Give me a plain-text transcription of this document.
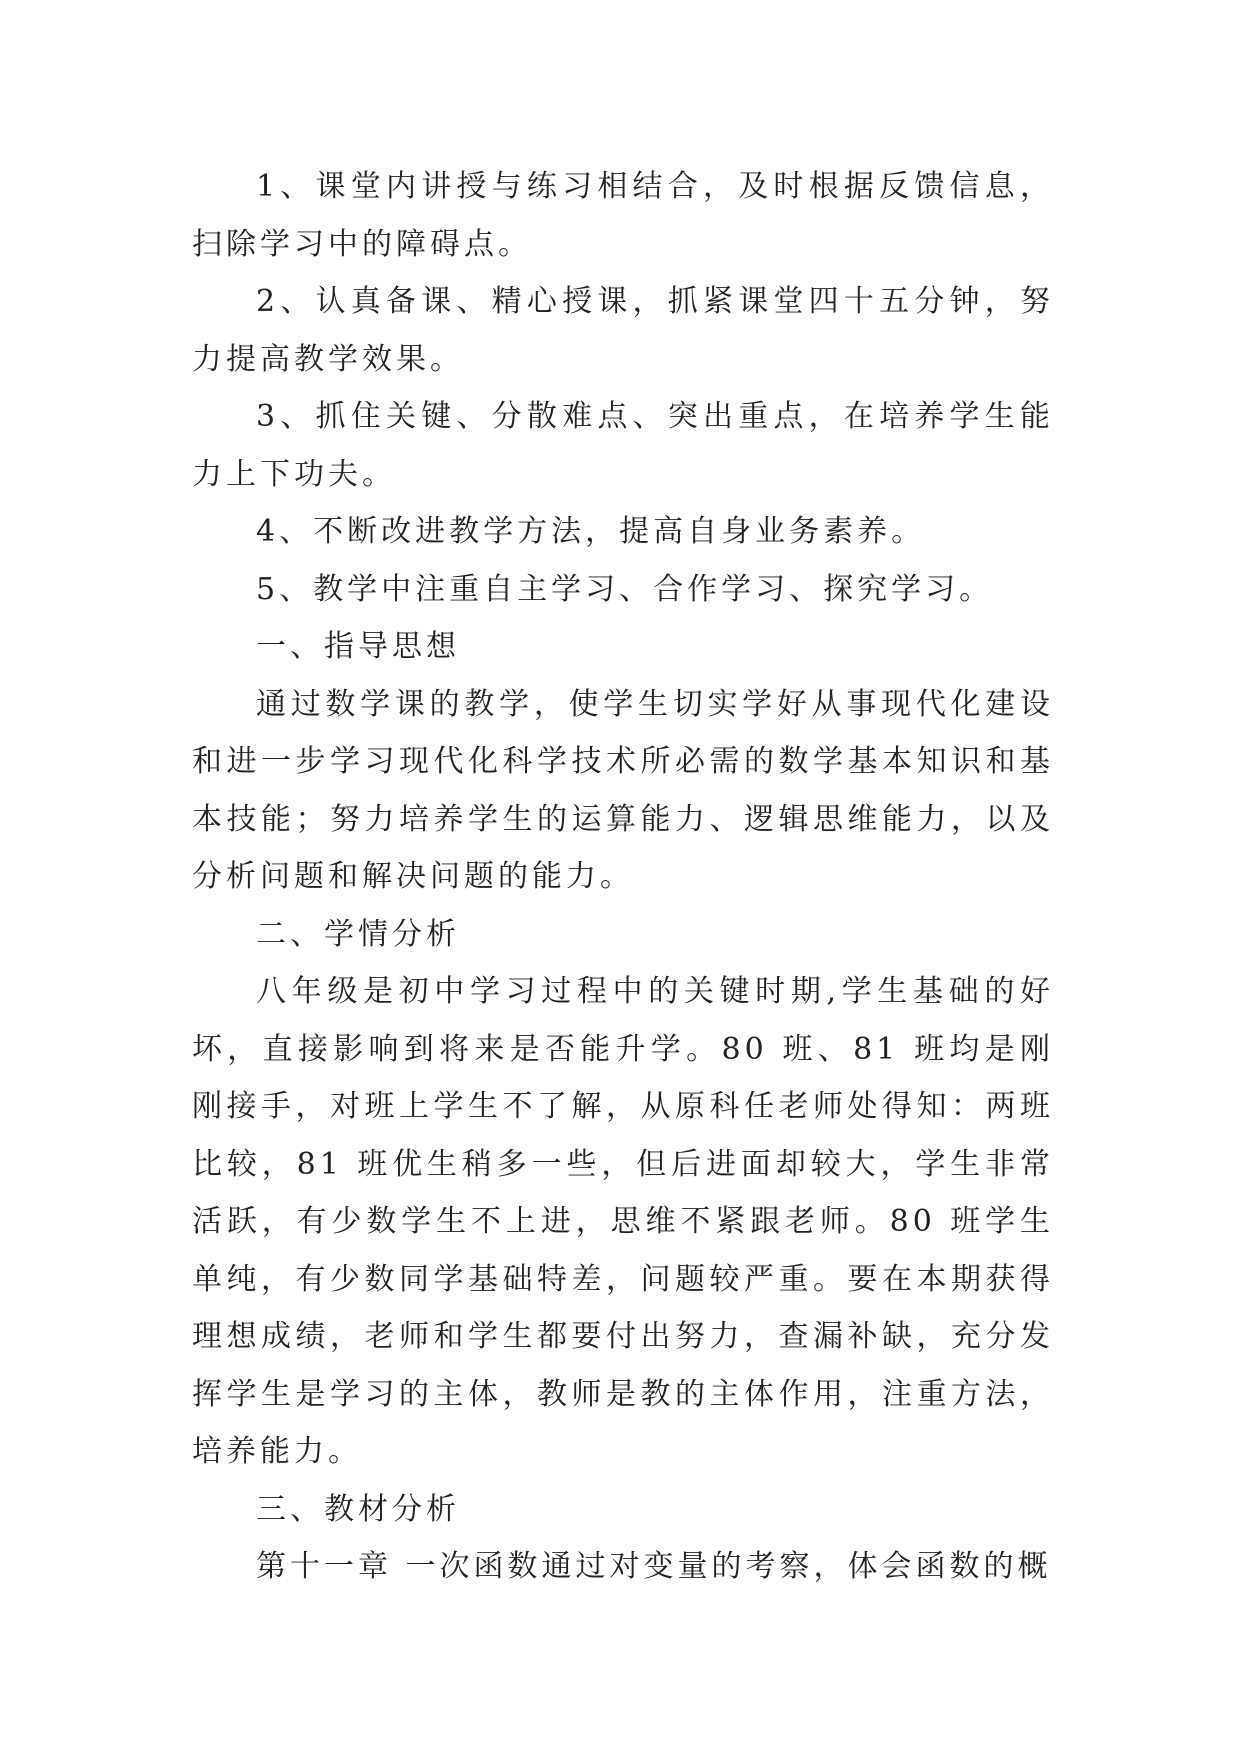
1、课堂内讲授与练习相结合，及时根据反馈信息，扫除学习中的障碍点。

2、认真备课、精心授课，抓紧课堂四十五分钟，努力提高教学效果。

3、抓住关键、分散难点、突出重点，在培养学生能力上下功夫。

4、不断改进教学方法，提高自身业务素养。

5、教学中注重自主学习、合作学习、探究学习。

一、指导思想

通过数学课的教学，使学生切实学好从事现代化建设和进一步学习现代化科学技术所必需的数学基本知识和基本技能；努力培养学生的运算能力、逻辑思维能力，以及分析问题和解决问题的能力。

二、学情分析

八年级是初中学习过程中的关键时期,学生基础的好坏，直接影响到将来是否能升学。80 班、81 班均是刚刚接手，对班上学生不了解，从原科任老师处得知：两班比较，81 班优生稍多一些，但后进面却较大，学生非常活跃，有少数学生不上进，思维不紧跟老师。80 班学生单纯，有少数同学基础特差，问题较严重。要在本期获得理想成绩，老师和学生都要付出努力，查漏补缺，充分发挥学生是学习的主体，教师是教的主体作用，注重方法，培养能力。

三、教材分析

第十一章 一次函数通过对变量的考察，体会函数的概
